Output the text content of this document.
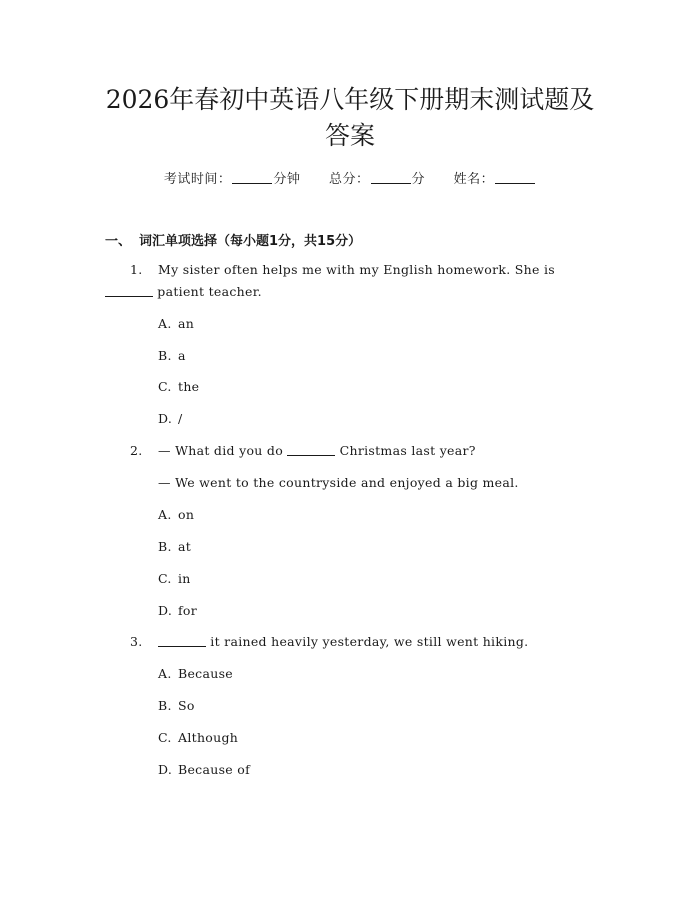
2026年春初中英语八年级下册期末测试题及
答案
考试时间：	分钟 总分：	分 姓名：
一、 词汇单项选择（每小题1分，共15分）
1. My sister often helps me with my English homework. She is
patient teacher.
A. an
B. a
C. the
D. /
2. — What did you do	Christmas last year?
— We went to the countryside and enjoyed a big meal.
A. on
B. at
C. in
D. for
3.	it rained heavily yesterday, we still went hiking.
A. Because
B. So
C. Although
D. Because of
